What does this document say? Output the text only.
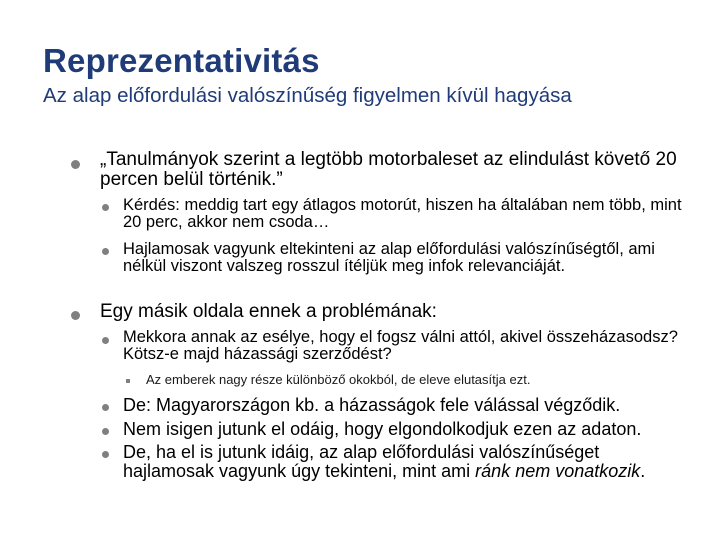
Reprezentativitás
Az alap előfordulási valószínűség figyelmen kívül hagyása
„Tanulmányok szerint a legtöbb motorbaleset az elindulást követő 20 percen belül történik.”
Kérdés: meddig tart egy átlagos motorút, hiszen ha általában nem több, mint 20 perc, akkor nem csoda…
Hajlamosak vagyunk eltekinteni az alap előfordulási valószínűségtől, ami nélkül viszont valszeg rosszul ítéljük meg infok relevanciáját.
Egy másik oldala ennek a problémának:
Mekkora annak az esélye, hogy el fogsz válni attól, akivel összeházasodsz? Kötsz-e majd házassági szerződést?
Az emberek nagy része különböző okokból, de eleve elutasítja ezt.
De: Magyarországon kb. a házasságok fele válással végződik.
Nem isigen jutunk el odáig, hogy elgondolkodjuk ezen az adaton.
De, ha el is jutunk idáig, az alap előfordulási valószínűséget hajlamosak vagyunk úgy tekinteni, mint ami ránk nem vonatkozik.
